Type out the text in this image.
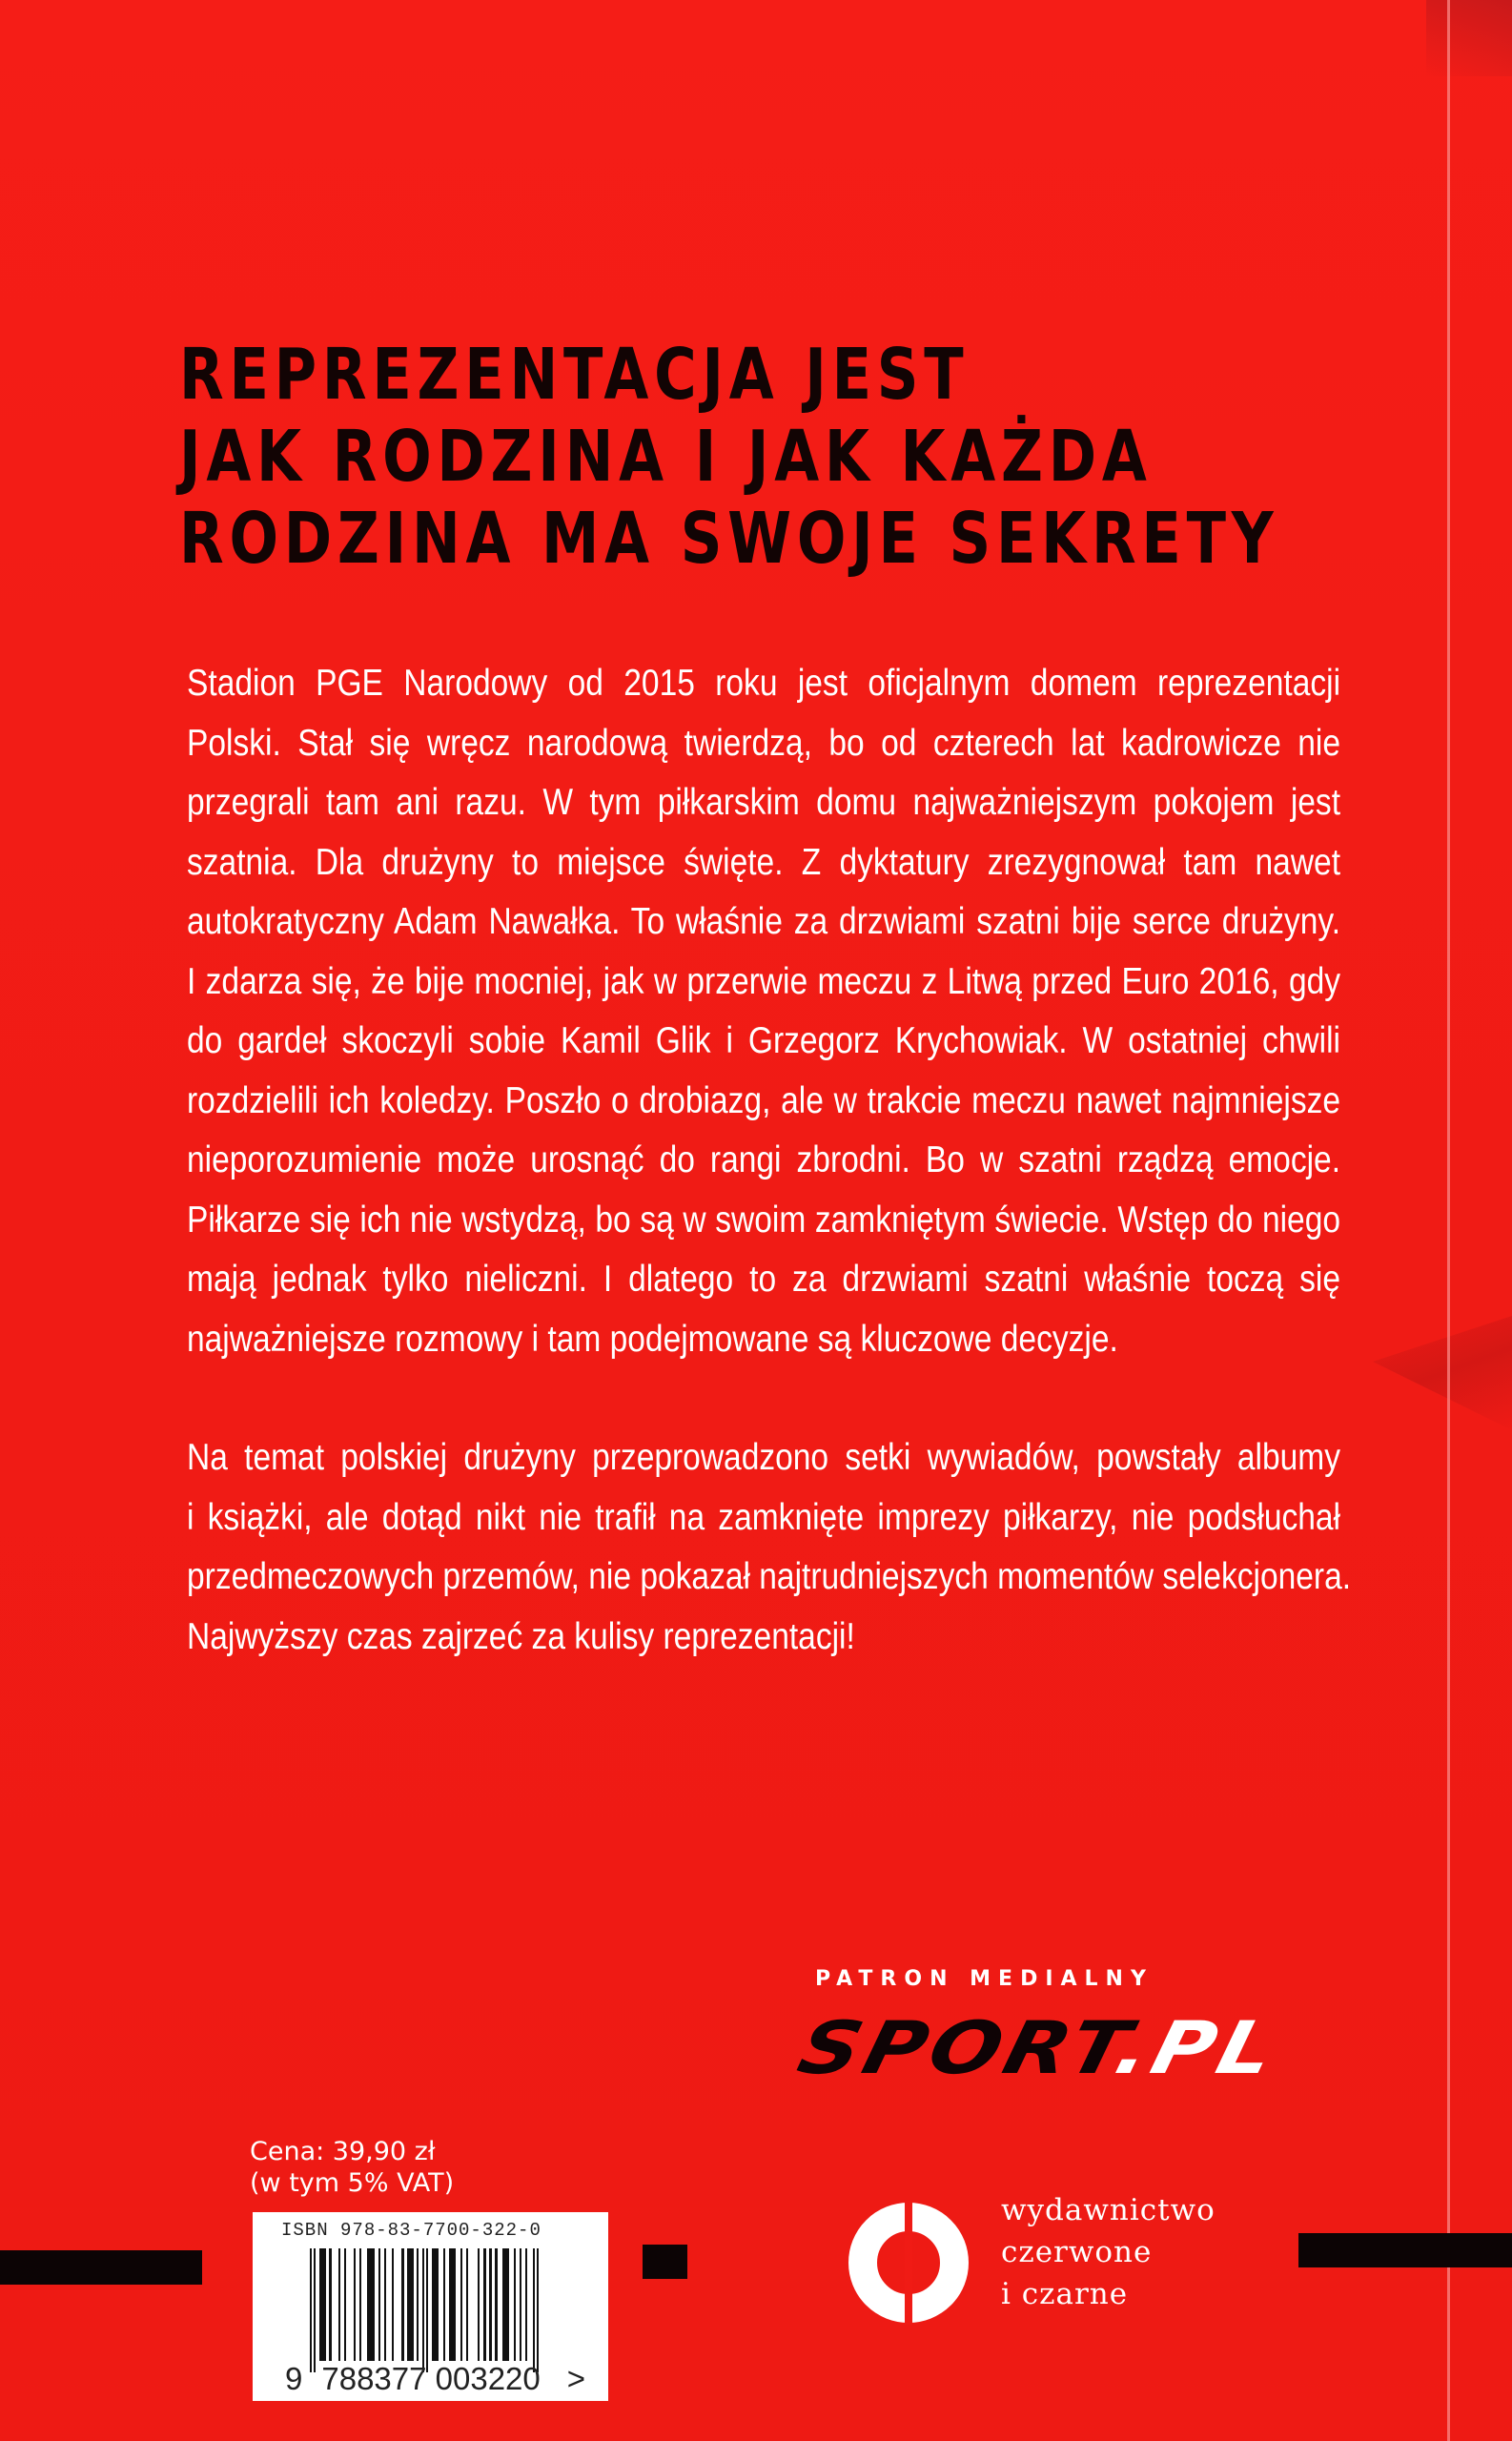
REPREZENTACJA JEST
JAK RODZINA I JAK KAŻDA
RODZINA MA SWOJE SEKRETY
Stadion PGE Narodowy od 2015 roku jest oficjalnym domem reprezentacji
Polski. Stał się wręcz narodową twierdzą, bo od czterech lat kadrowicze nie
przegrali tam ani razu. W tym piłkarskim domu najważniejszym pokojem jest
szatnia. Dla drużyny to miejsce święte. Z dyktatury zrezygnował tam nawet
autokratyczny Adam Nawałka. To właśnie za drzwiami szatni bije serce drużyny.
I zdarza się, że bije mocniej, jak w przerwie meczu z Litwą przed Euro 2016, gdy
do gardeł skoczyli sobie Kamil Glik i Grzegorz Krychowiak. W ostatniej chwili
rozdzielili ich koledzy. Poszło o drobiazg, ale w trakcie meczu nawet najmniejsze
nieporozumienie może urosnąć do rangi zbrodni. Bo w szatni rządzą emocje.
Piłkarze się ich nie wstydzą, bo są w swoim zamkniętym świecie. Wstęp do niego
mają jednak tylko nieliczni. I dlatego to za drzwiami szatni właśnie toczą się
najważniejsze rozmowy i tam podejmowane są kluczowe decyzje.
Na temat polskiej drużyny przeprowadzono setki wywiadów, powstały albumy
i książki, ale dotąd nikt nie trafił na zamknięte imprezy piłkarzy, nie podsłuchał
przedmeczowych przemów, nie pokazał najtrudniejszych momentów selekcjonera.
Najwyższy czas zajrzeć za kulisy reprezentacji!
PATRON MEDIALNY
SPORT.PL
Cena: 39,90 zł
(w tym 5% VAT)
ISBN 978-83-7700-322-0
9 788377 003220 >
wydawnictwo
czerwone
i czarne
